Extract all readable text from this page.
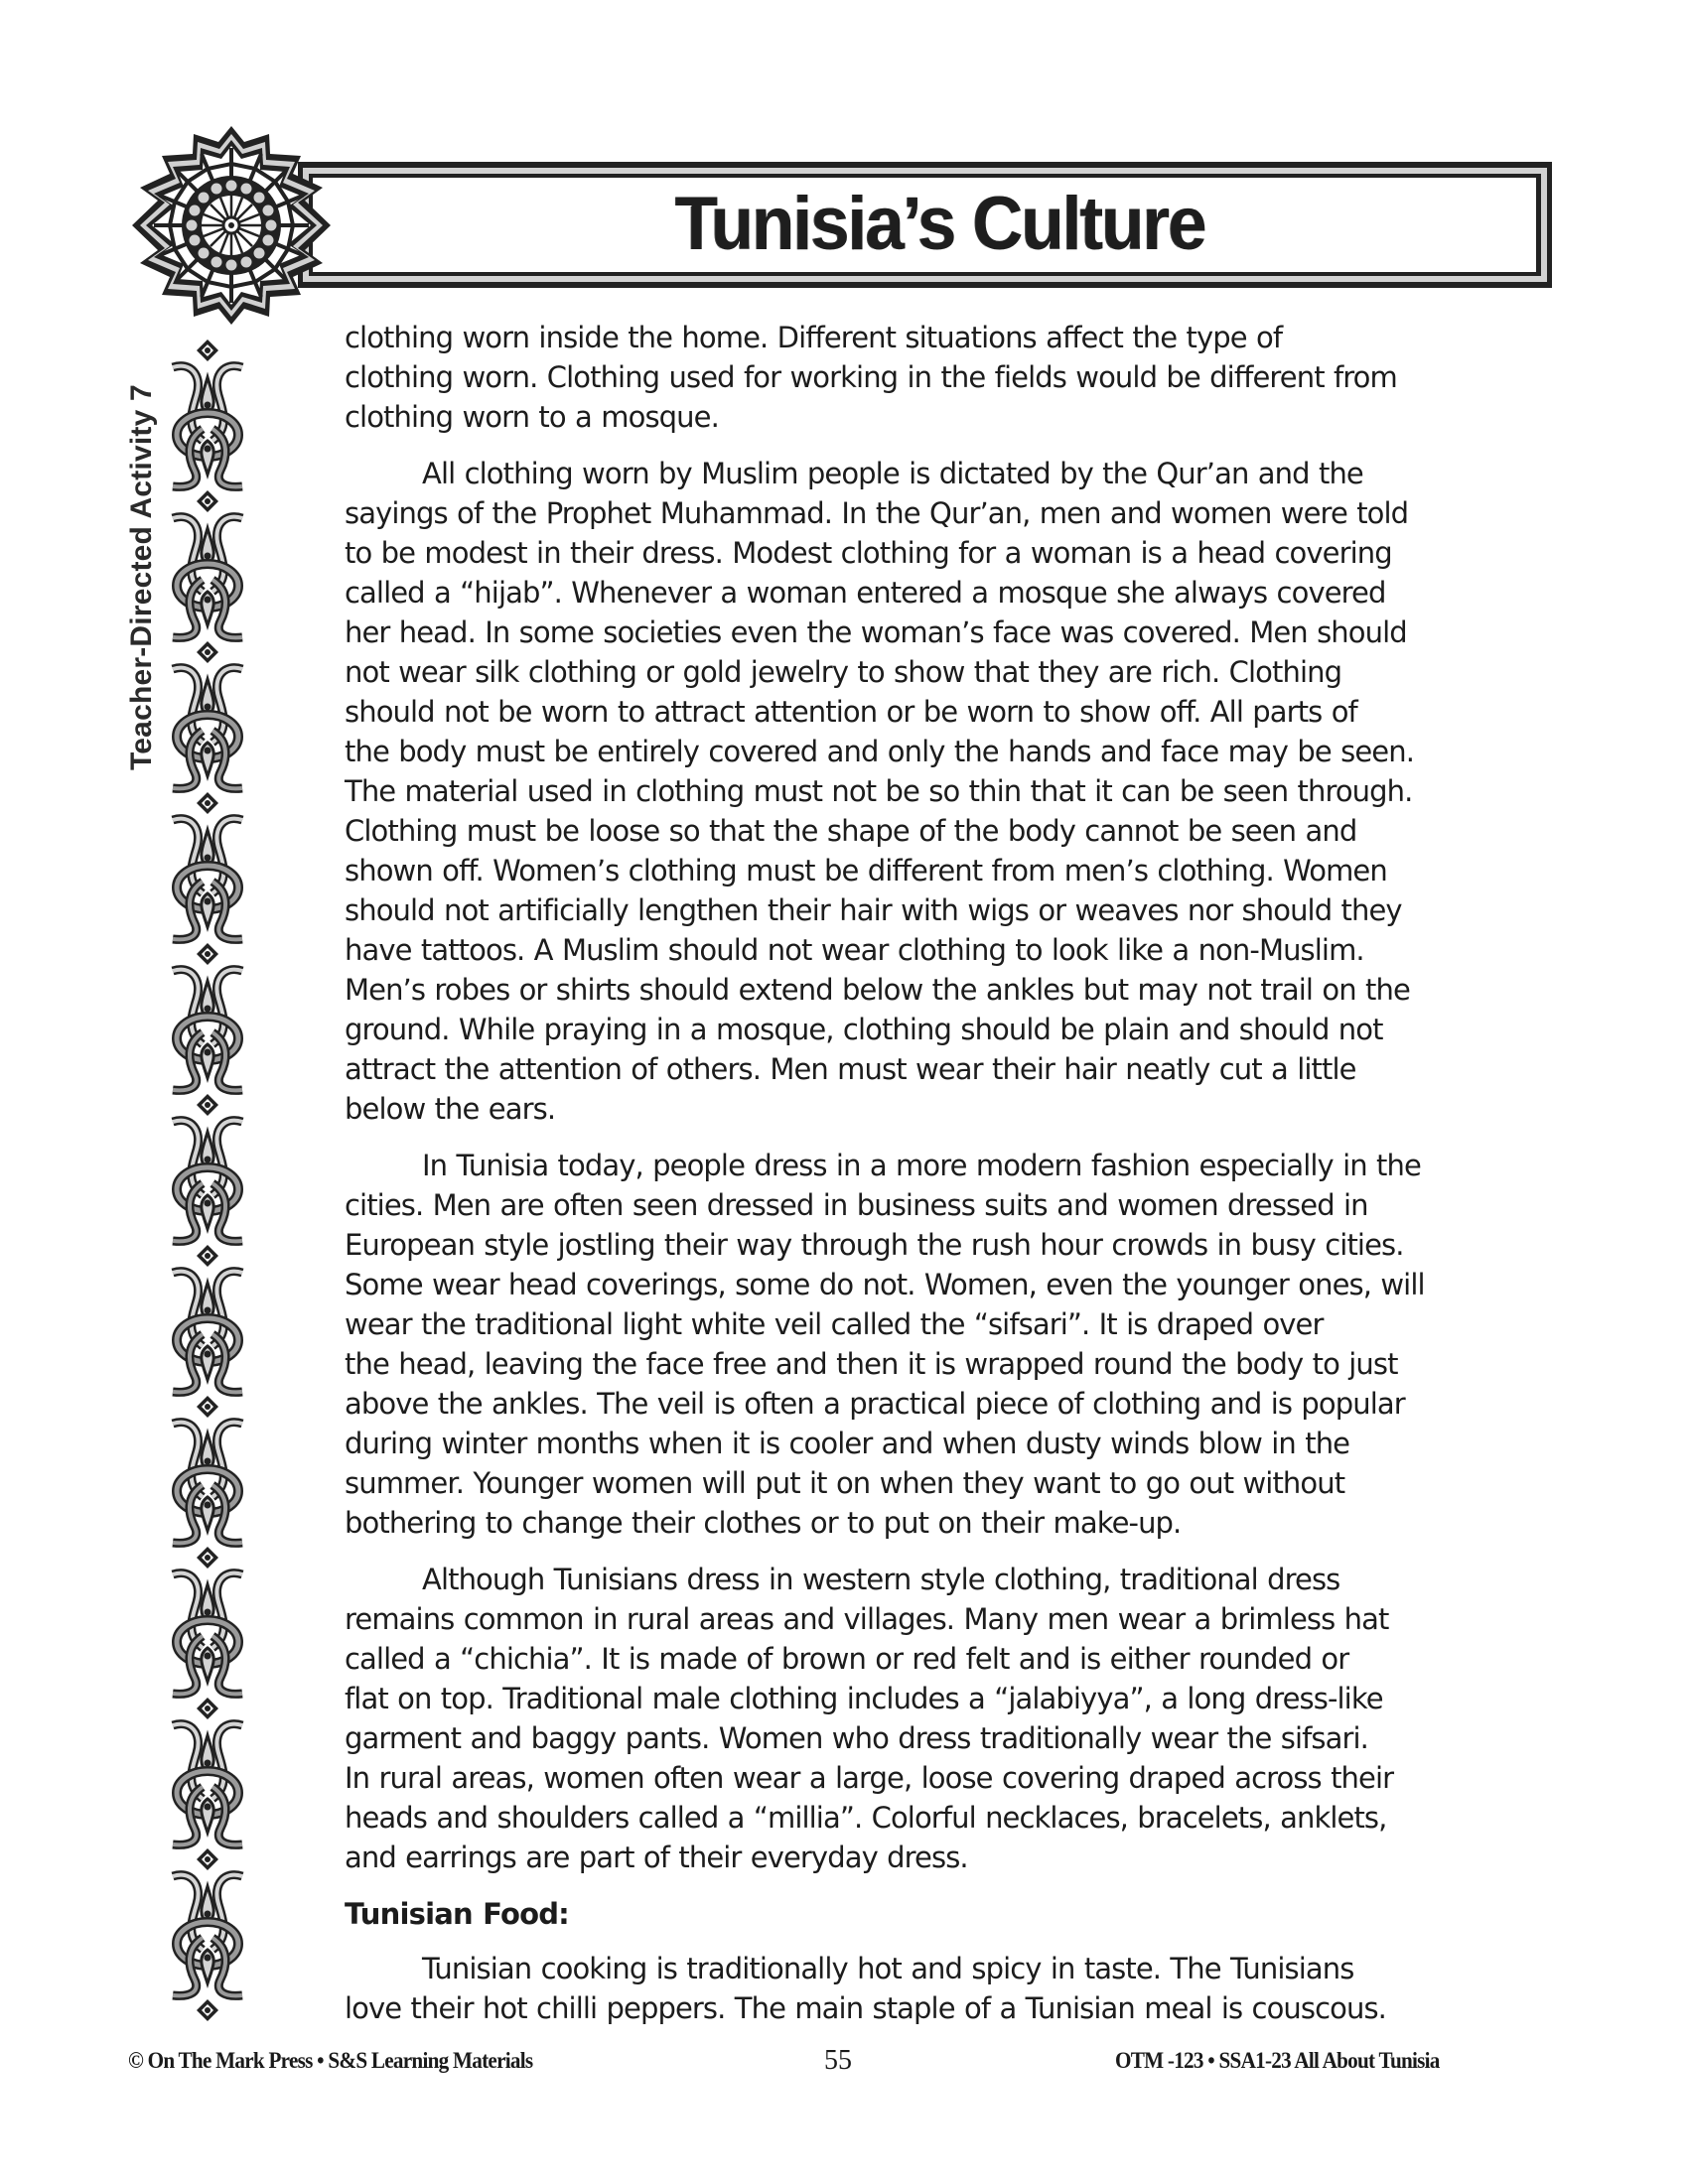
Tunisia’s Culture
Teacher-Directed Activity 7
clothing worn inside the home. Different situations affect the type of
clothing worn. Clothing used for working in the fields would be different from
clothing worn to a mosque.
All clothing worn by Muslim people is dictated by the Qur’an and the
sayings of the Prophet Muhammad. In the Qur’an, men and women were told
to be modest in their dress. Modest clothing for a woman is a head covering
called a “hijab”. Whenever a woman entered a mosque she always covered
her head. In some societies even the woman’s face was covered. Men should
not wear silk clothing or gold jewelry to show that they are rich. Clothing
should not be worn to attract attention or be worn to show off. All parts of
the body must be entirely covered and only the hands and face may be seen.
The material used in clothing must not be so thin that it can be seen through.
Clothing must be loose so that the shape of the body cannot be seen and
shown off. Women’s clothing must be different from men’s clothing. Women
should not artificially lengthen their hair with wigs or weaves nor should they
have tattoos. A Muslim should not wear clothing to look like a non-Muslim.
Men’s robes or shirts should extend below the ankles but may not trail on the
ground. While praying in a mosque, clothing should be plain and should not
attract the attention of others. Men must wear their hair neatly cut a little
below the ears.
In Tunisia today, people dress in a more modern fashion especially in the
cities. Men are often seen dressed in business suits and women dressed in
European style jostling their way through the rush hour crowds in busy cities.
Some wear head coverings, some do not. Women, even the younger ones, will
wear the traditional light white veil called the “sifsari”. It is draped over
the head, leaving the face free and then it is wrapped round the body to just
above the ankles. The veil is often a practical piece of clothing and is popular
during winter months when it is cooler and when dusty winds blow in the
summer. Younger women will put it on when they want to go out without
bothering to change their clothes or to put on their make-up.
Although Tunisians dress in western style clothing, traditional dress
remains common in rural areas and villages. Many men wear a brimless hat
called a “chichia”. It is made of brown or red felt and is either rounded or
flat on top. Traditional male clothing includes a “jalabiyya”, a long dress-like
garment and baggy pants. Women who dress traditionally wear the sifsari.
In rural areas, women often wear a large, loose covering draped across their
heads and shoulders called a “millia”. Colorful necklaces, bracelets, anklets,
and earrings are part of their everyday dress.
Tunisian Food:
Tunisian cooking is traditionally hot and spicy in taste. The Tunisians
love their hot chilli peppers. The main staple of a Tunisian meal is couscous.
© On The Mark Press • S&S Learning Materials	55	OTM -123 • SSA1-23 All About Tunisia
